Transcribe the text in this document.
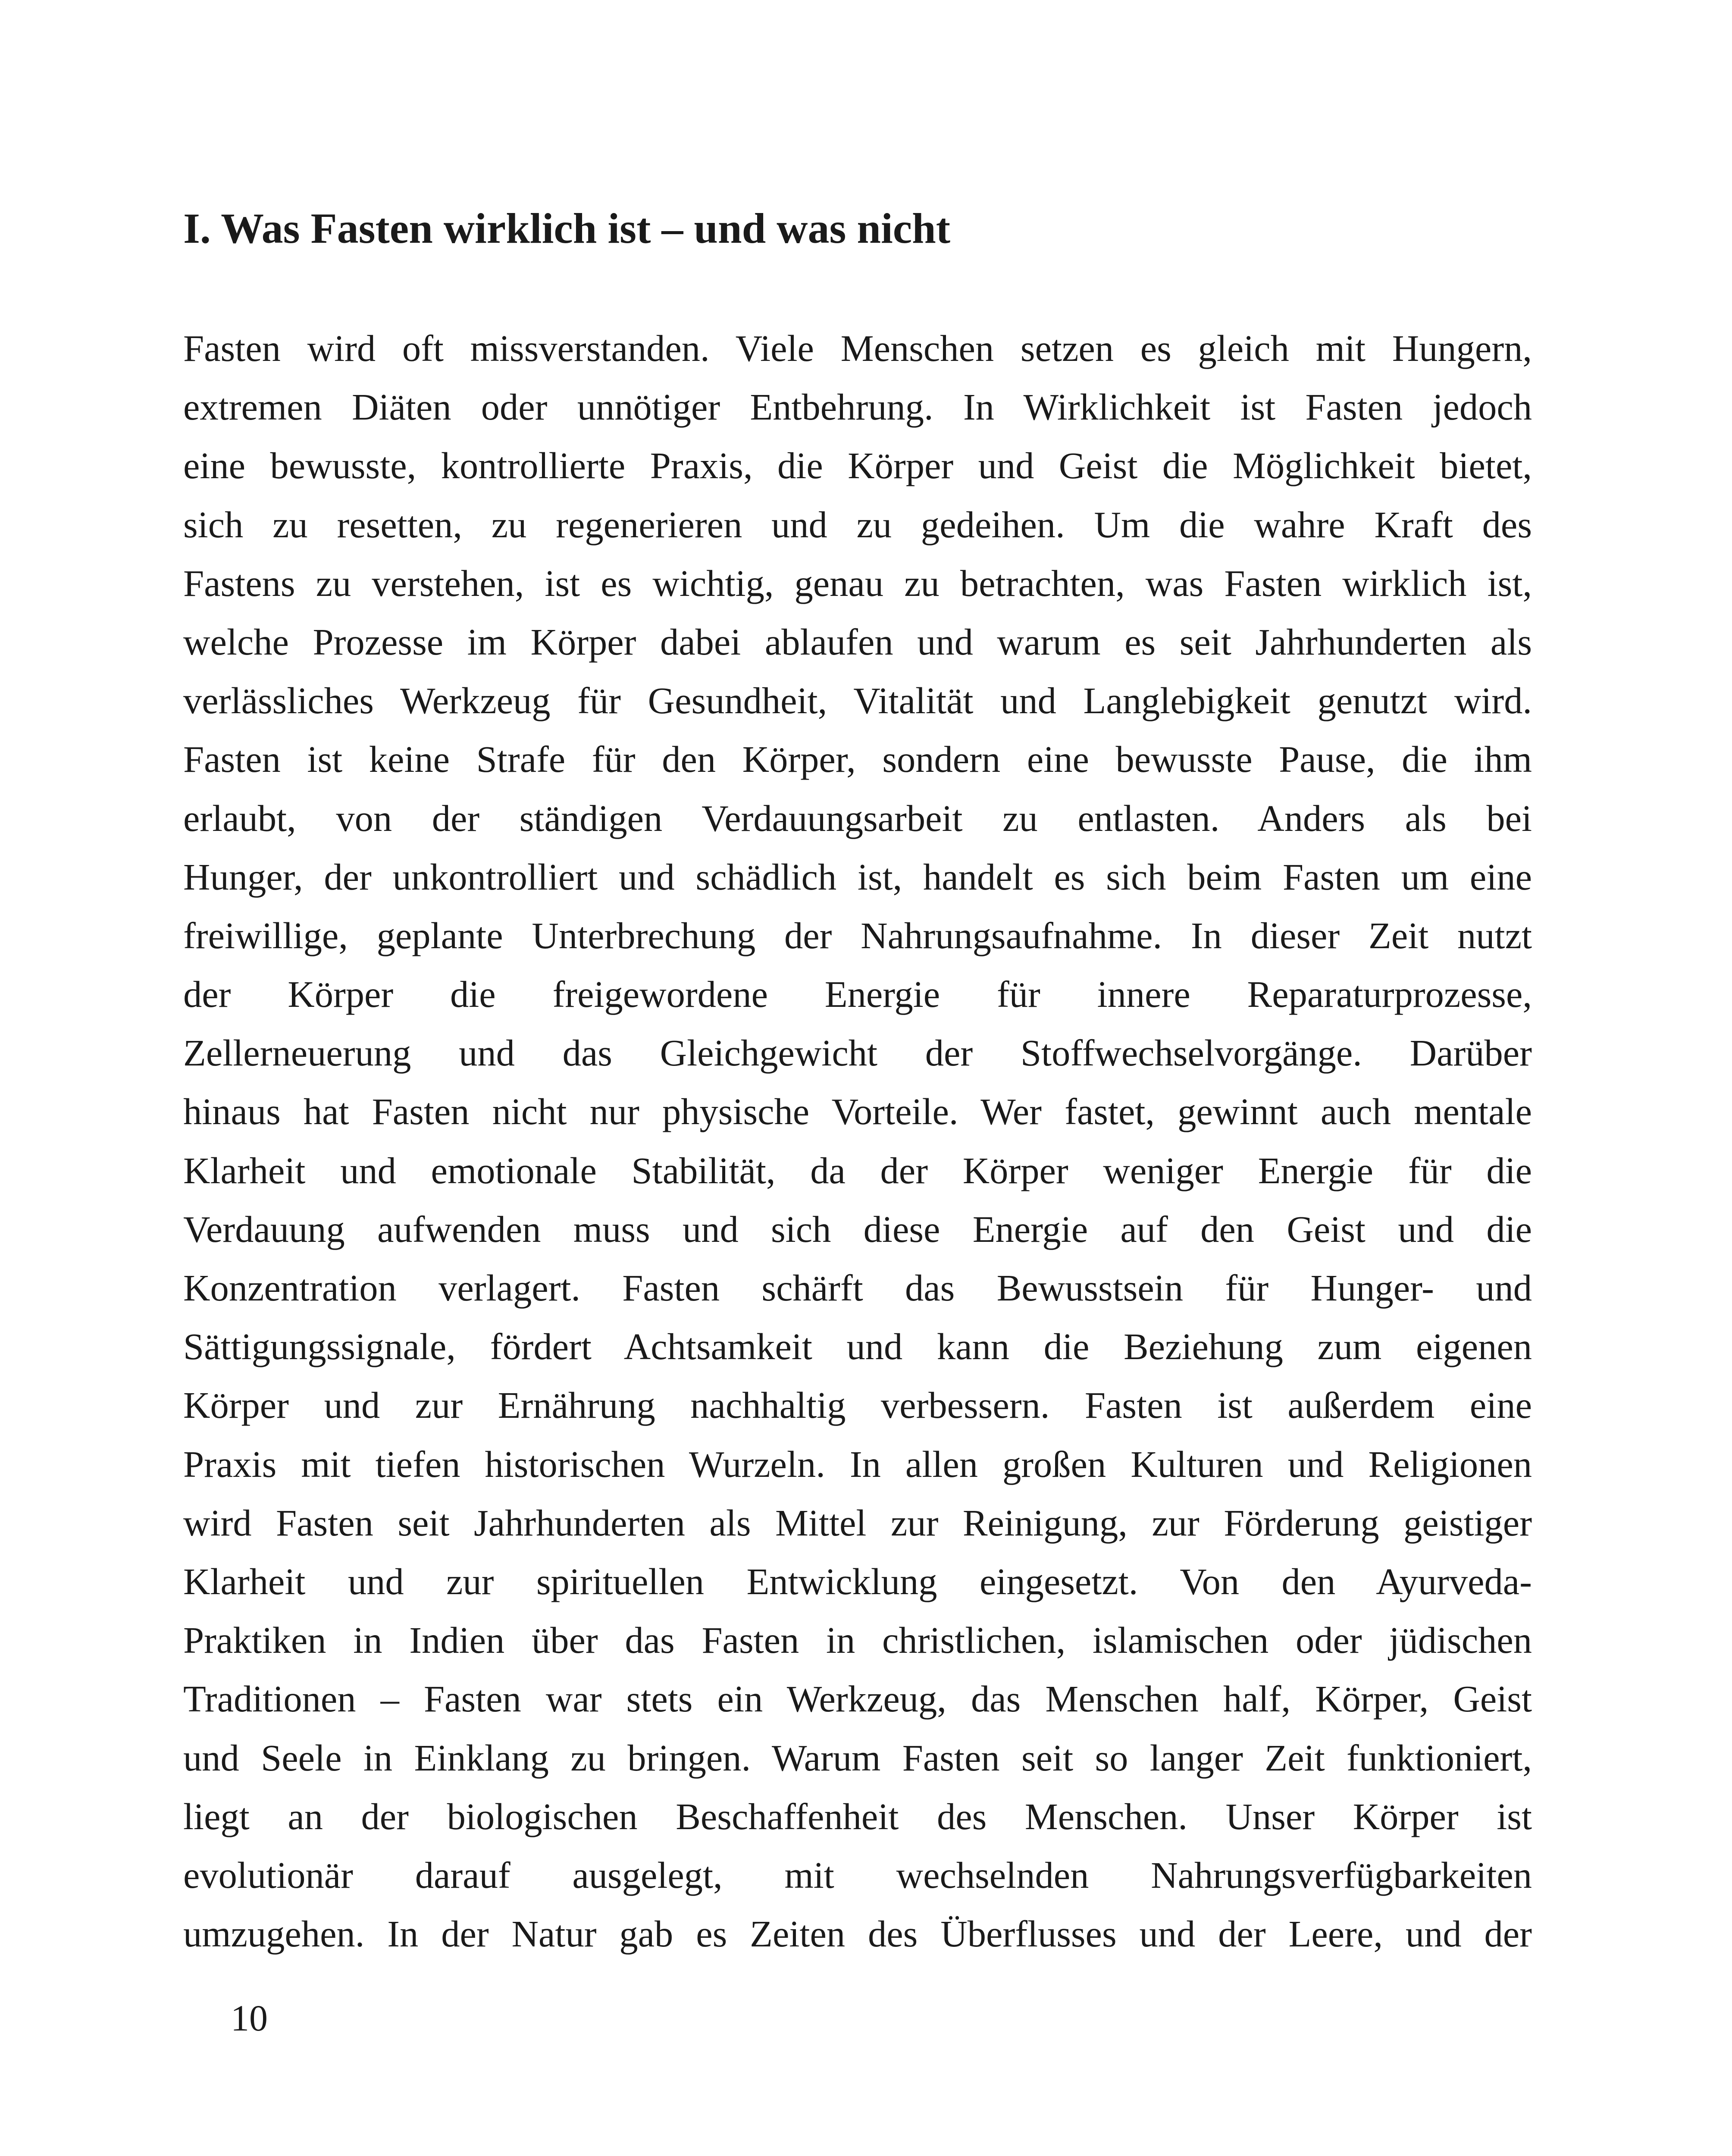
I. Was Fasten wirklich ist – und was nicht
Fasten wird oft missverstanden. Viele Menschen setzen es gleich mit Hungern,
extremen Diäten oder unnötiger Entbehrung. In Wirklichkeit ist Fasten jedoch
eine bewusste, kontrollierte Praxis, die Körper und Geist die Möglichkeit bietet,
sich zu resetten, zu regenerieren und zu gedeihen. Um die wahre Kraft des
Fastens zu verstehen, ist es wichtig, genau zu betrachten, was Fasten wirklich ist,
welche Prozesse im Körper dabei ablaufen und warum es seit Jahrhunderten als
verlässliches Werkzeug für Gesundheit, Vitalität und Langlebigkeit genutzt wird.
Fasten ist keine Strafe für den Körper, sondern eine bewusste Pause, die ihm
erlaubt, von der ständigen Verdauungsarbeit zu entlasten. Anders als bei
Hunger, der unkontrolliert und schädlich ist, handelt es sich beim Fasten um eine
freiwillige, geplante Unterbrechung der Nahrungsaufnahme. In dieser Zeit nutzt
der Körper die freigewordene Energie für innere Reparaturprozesse,
Zellerneuerung und das Gleichgewicht der Stoffwechselvorgänge. Darüber
hinaus hat Fasten nicht nur physische Vorteile. Wer fastet, gewinnt auch mentale
Klarheit und emotionale Stabilität, da der Körper weniger Energie für die
Verdauung aufwenden muss und sich diese Energie auf den Geist und die
Konzentration verlagert. Fasten schärft das Bewusstsein für Hunger- und
Sättigungssignale, fördert Achtsamkeit und kann die Beziehung zum eigenen
Körper und zur Ernährung nachhaltig verbessern. Fasten ist außerdem eine
Praxis mit tiefen historischen Wurzeln. In allen großen Kulturen und Religionen
wird Fasten seit Jahrhunderten als Mittel zur Reinigung, zur Förderung geistiger
Klarheit und zur spirituellen Entwicklung eingesetzt. Von den Ayurveda-
Praktiken in Indien über das Fasten in christlichen, islamischen oder jüdischen
Traditionen – Fasten war stets ein Werkzeug, das Menschen half, Körper, Geist
und Seele in Einklang zu bringen. Warum Fasten seit so langer Zeit funktioniert,
liegt an der biologischen Beschaffenheit des Menschen. Unser Körper ist
evolutionär darauf ausgelegt, mit wechselnden Nahrungsverfügbarkeiten
umzugehen. In der Natur gab es Zeiten des Überflusses und der Leere, und der

10
